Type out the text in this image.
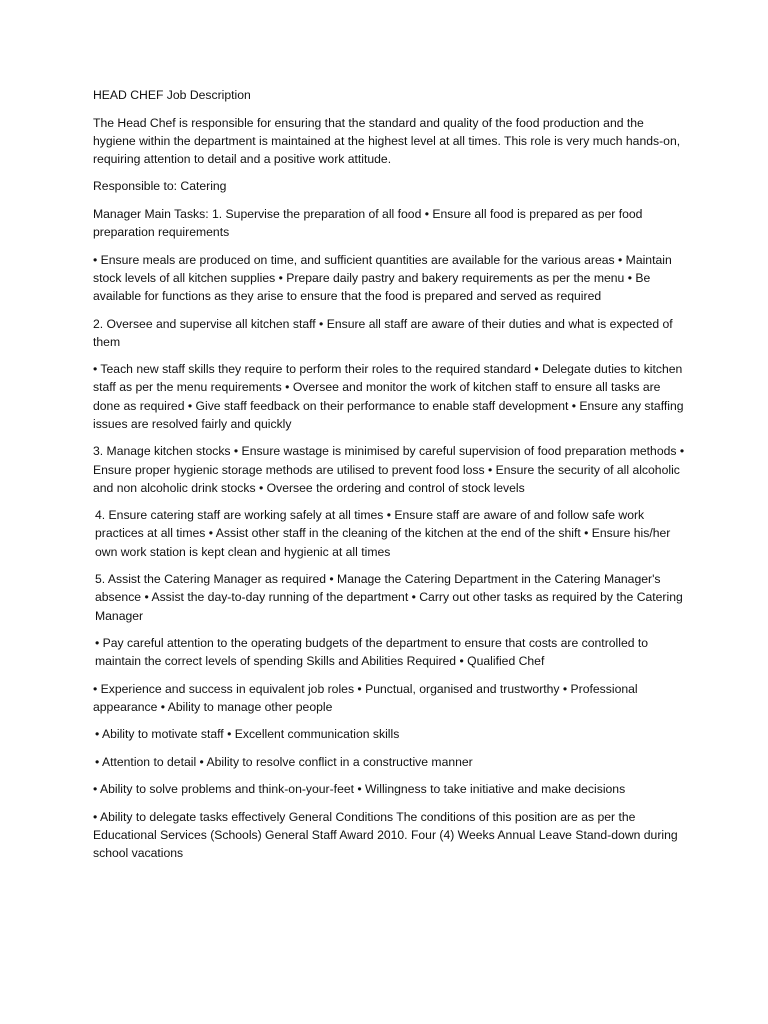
HEAD CHEF Job Description

The Head Chef is responsible for ensuring that the standard and quality of the food production and the hygiene within the department is maintained at the highest level at all times. This role is very much hands-on, requiring attention to detail and a positive work attitude.

Responsible to: Catering

Manager Main Tasks: 1. Supervise the preparation of all food • Ensure all food is prepared as per food preparation requirements

• Ensure meals are produced on time, and sufficient quantities are available for the various areas • Maintain stock levels of all kitchen supplies • Prepare daily pastry and bakery requirements as per the menu • Be available for functions as they arise to ensure that the food is prepared and served as required

2. Oversee and supervise all kitchen staff • Ensure all staff are aware of their duties and what is expected of them

• Teach new staff skills they require to perform their roles to the required standard • Delegate duties to kitchen staff as per the menu requirements • Oversee and monitor the work of kitchen staff to ensure all tasks are done as required • Give staff feedback on their performance to enable staff development • Ensure any staffing issues are resolved fairly and quickly

3. Manage kitchen stocks • Ensure wastage is minimised by careful supervision of food preparation methods • Ensure proper hygienic storage methods are utilised to prevent food loss • Ensure the security of all alcoholic and non alcoholic drink stocks • Oversee the ordering and control of stock levels

4. Ensure catering staff are working safely at all times • Ensure staff are aware of and follow safe work practices at all times • Assist other staff in the cleaning of the kitchen at the end of the shift • Ensure his/her own work station is kept clean and hygienic at all times

5. Assist the Catering Manager as required • Manage the Catering Department in the Catering Manager's absence • Assist the day-to-day running of the department • Carry out other tasks as required by the Catering Manager

• Pay careful attention to the operating budgets of the department to ensure that costs are controlled to maintain the correct levels of spending Skills and Abilities Required • Qualified Chef

• Experience and success in equivalent job roles • Punctual, organised and trustworthy • Professional appearance • Ability to manage other people

• Ability to motivate staff • Excellent communication skills

• Attention to detail • Ability to resolve conflict in a constructive manner

• Ability to solve problems and think-on-your-feet • Willingness to take initiative and make decisions

• Ability to delegate tasks effectively General Conditions The conditions of this position are as per the Educational Services (Schools) General Staff Award 2010. Four (4) Weeks Annual Leave Stand-down during school vacations
